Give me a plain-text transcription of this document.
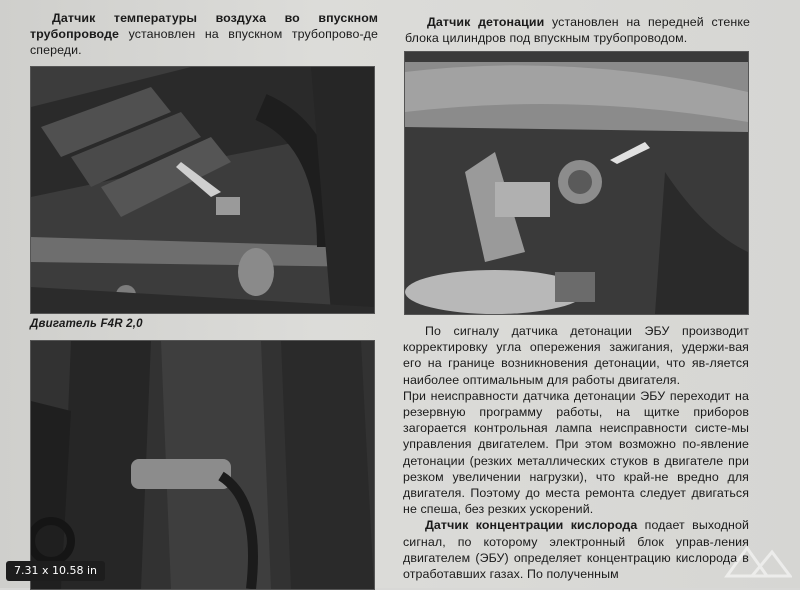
Датчик температуры воздуха во впускном трубопроводе установлен на впускном трубопрово-де спереди.

Двигатель F4R 2,0

Датчик детонации установлен на передней стенке блока цилиндров под впускным трубопроводом.

По сигналу датчика детонации ЭБУ производит корректировку угла опережения зажигания, удержи-вая его на границе возникновения детонации, что яв-ляется наиболее оптимальным для работы двигателя.

При неисправности датчика детонации ЭБУ переходит на резервную программу работы, на щитке приборов загорается контрольная лампа неисправности систе-мы управления двигателем. При этом возможно по-явление детонации (резких металлических стуков в двигателе при резком увеличении нагрузки), что край-не вредно для двигателя. Поэтому до места ремонта следует двигаться не спеша, без резких ускорений.

Датчик концентрации кислорода подает выходной сигнал, по которому электронный блок управ-ления двигателем (ЭБУ) определяет концентрацию кислорода в отработавших газах. По полученным

7.31 x 10.58 in
